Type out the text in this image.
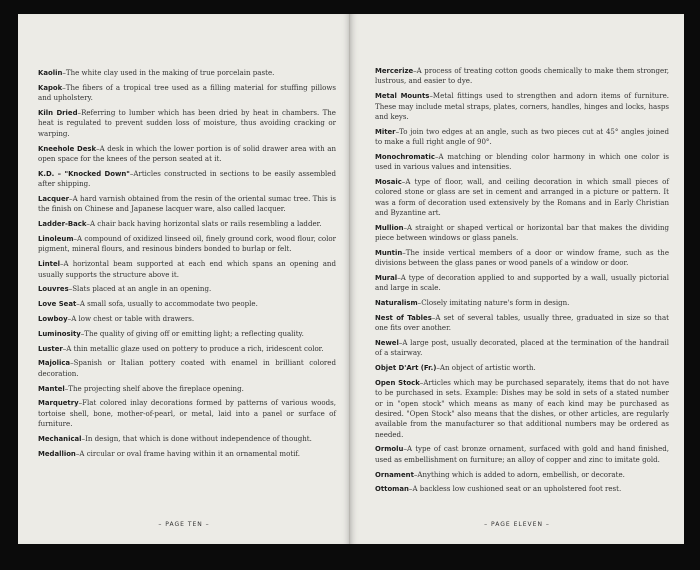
Kaolin–The white clay used in the making of true porcelain paste.

Kapok–The fibers of a tropical tree used as a filling material for stuffing pillows and upholstery.

Kiln Dried–Referring to lumber which has been dried by heat in chambers. The heat is regulated to prevent sudden loss of moisture, thus avoiding cracking or warping.

Kneehole Desk–A desk in which the lower portion is of solid drawer area with an open space for the knees of the person seated at it.

K.D. – "Knocked Down"–Articles constructed in sections to be easily assembled after shipping.

Lacquer–A hard varnish obtained from the resin of the oriental sumac tree. This is the finish on Chinese and Japanese lacquer ware, also called lacquer.

Ladder-Back–A chair back having horizontal slats or rails resembling a ladder.

Linoleum–A compound of oxidized linseed oil, finely ground cork, wood flour, color pigment, mineral flours, and resinous binders bonded to burlap or felt.

Lintel–A horizontal beam supported at each end which spans an opening and usually supports the structure above it.

Louvres–Slats placed at an angle in an opening.

Love Seat–A small sofa, usually to accommodate two people.

Lowboy–A low chest or table with drawers.

Luminosity–The quality of giving off or emitting light; a reflecting quality.

Luster–A thin metallic glaze used on pottery to produce a rich, iridescent color.

Majolica–Spanish or Italian pottery coated with enamel in brilliant colored decoration.

Mantel–The projecting shelf above the fireplace opening.

Marquetry–Flat colored inlay decorations formed by patterns of various woods, tortoise shell, bone, mother-of-pearl, or metal, laid into a panel or surface of furniture.

Mechanical–In design, that which is done without independence of thought.

Medallion–A circular or oval frame having within it an ornamental motif.

– PAGE TEN –

Mercerize–A process of treating cotton goods chemically to make them stronger, lustrous, and easier to dye.

Metal Mounts–Metal fittings used to strengthen and adorn items of furniture. These may include metal straps, plates, corners, handles, hinges and locks, hasps and keys.

Miter–To join two edges at an angle, such as two pieces cut at 45° angles joined to make a full right angle of 90°.

Monochromatic–A matching or blending color harmony in which one color is used in various values and intensities.

Mosaic–A type of floor, wall, and ceiling decoration in which small pieces of colored stone or glass are set in cement and arranged in a picture or pattern. It was a form of decoration used extensively by the Romans and in Early Christian and Byzantine art.

Mullion–A straight or shaped vertical or horizontal bar that makes the dividing piece between windows or glass panels.

Muntin–The inside vertical members of a door or window frame, such as the divisions between the glass panes or wood panels of a window or door.

Mural–A type of decoration applied to and supported by a wall, usually pictorial and large in scale.

Naturalism–Closely imitating nature's form in design.

Nest of Tables–A set of several tables, usually three, graduated in size so that one fits over another.

Newel–A large post, usually decorated, placed at the termination of the handrail of a stairway.

Objet D'Art (Fr.)–An object of artistic worth.

Open Stock–Articles which may be purchased separately, items that do not have to be purchased in sets. Example: Dishes may be sold in sets of a stated number or in "open stock" which means as many of each kind may be purchased as desired. "Open Stock" also means that the dishes, or other articles, are regularly available from the manufacturer so that additional numbers may be ordered as needed.

Ormolu–A type of cast bronze ornament, surfaced with gold and hand finished, used as embellishment on furniture; an alloy of copper and zinc to imitate gold.

Ornament–Anything which is added to adorn, embellish, or decorate.

Ottoman–A backless low cushioned seat or an upholstered foot rest.

– PAGE ELEVEN –
